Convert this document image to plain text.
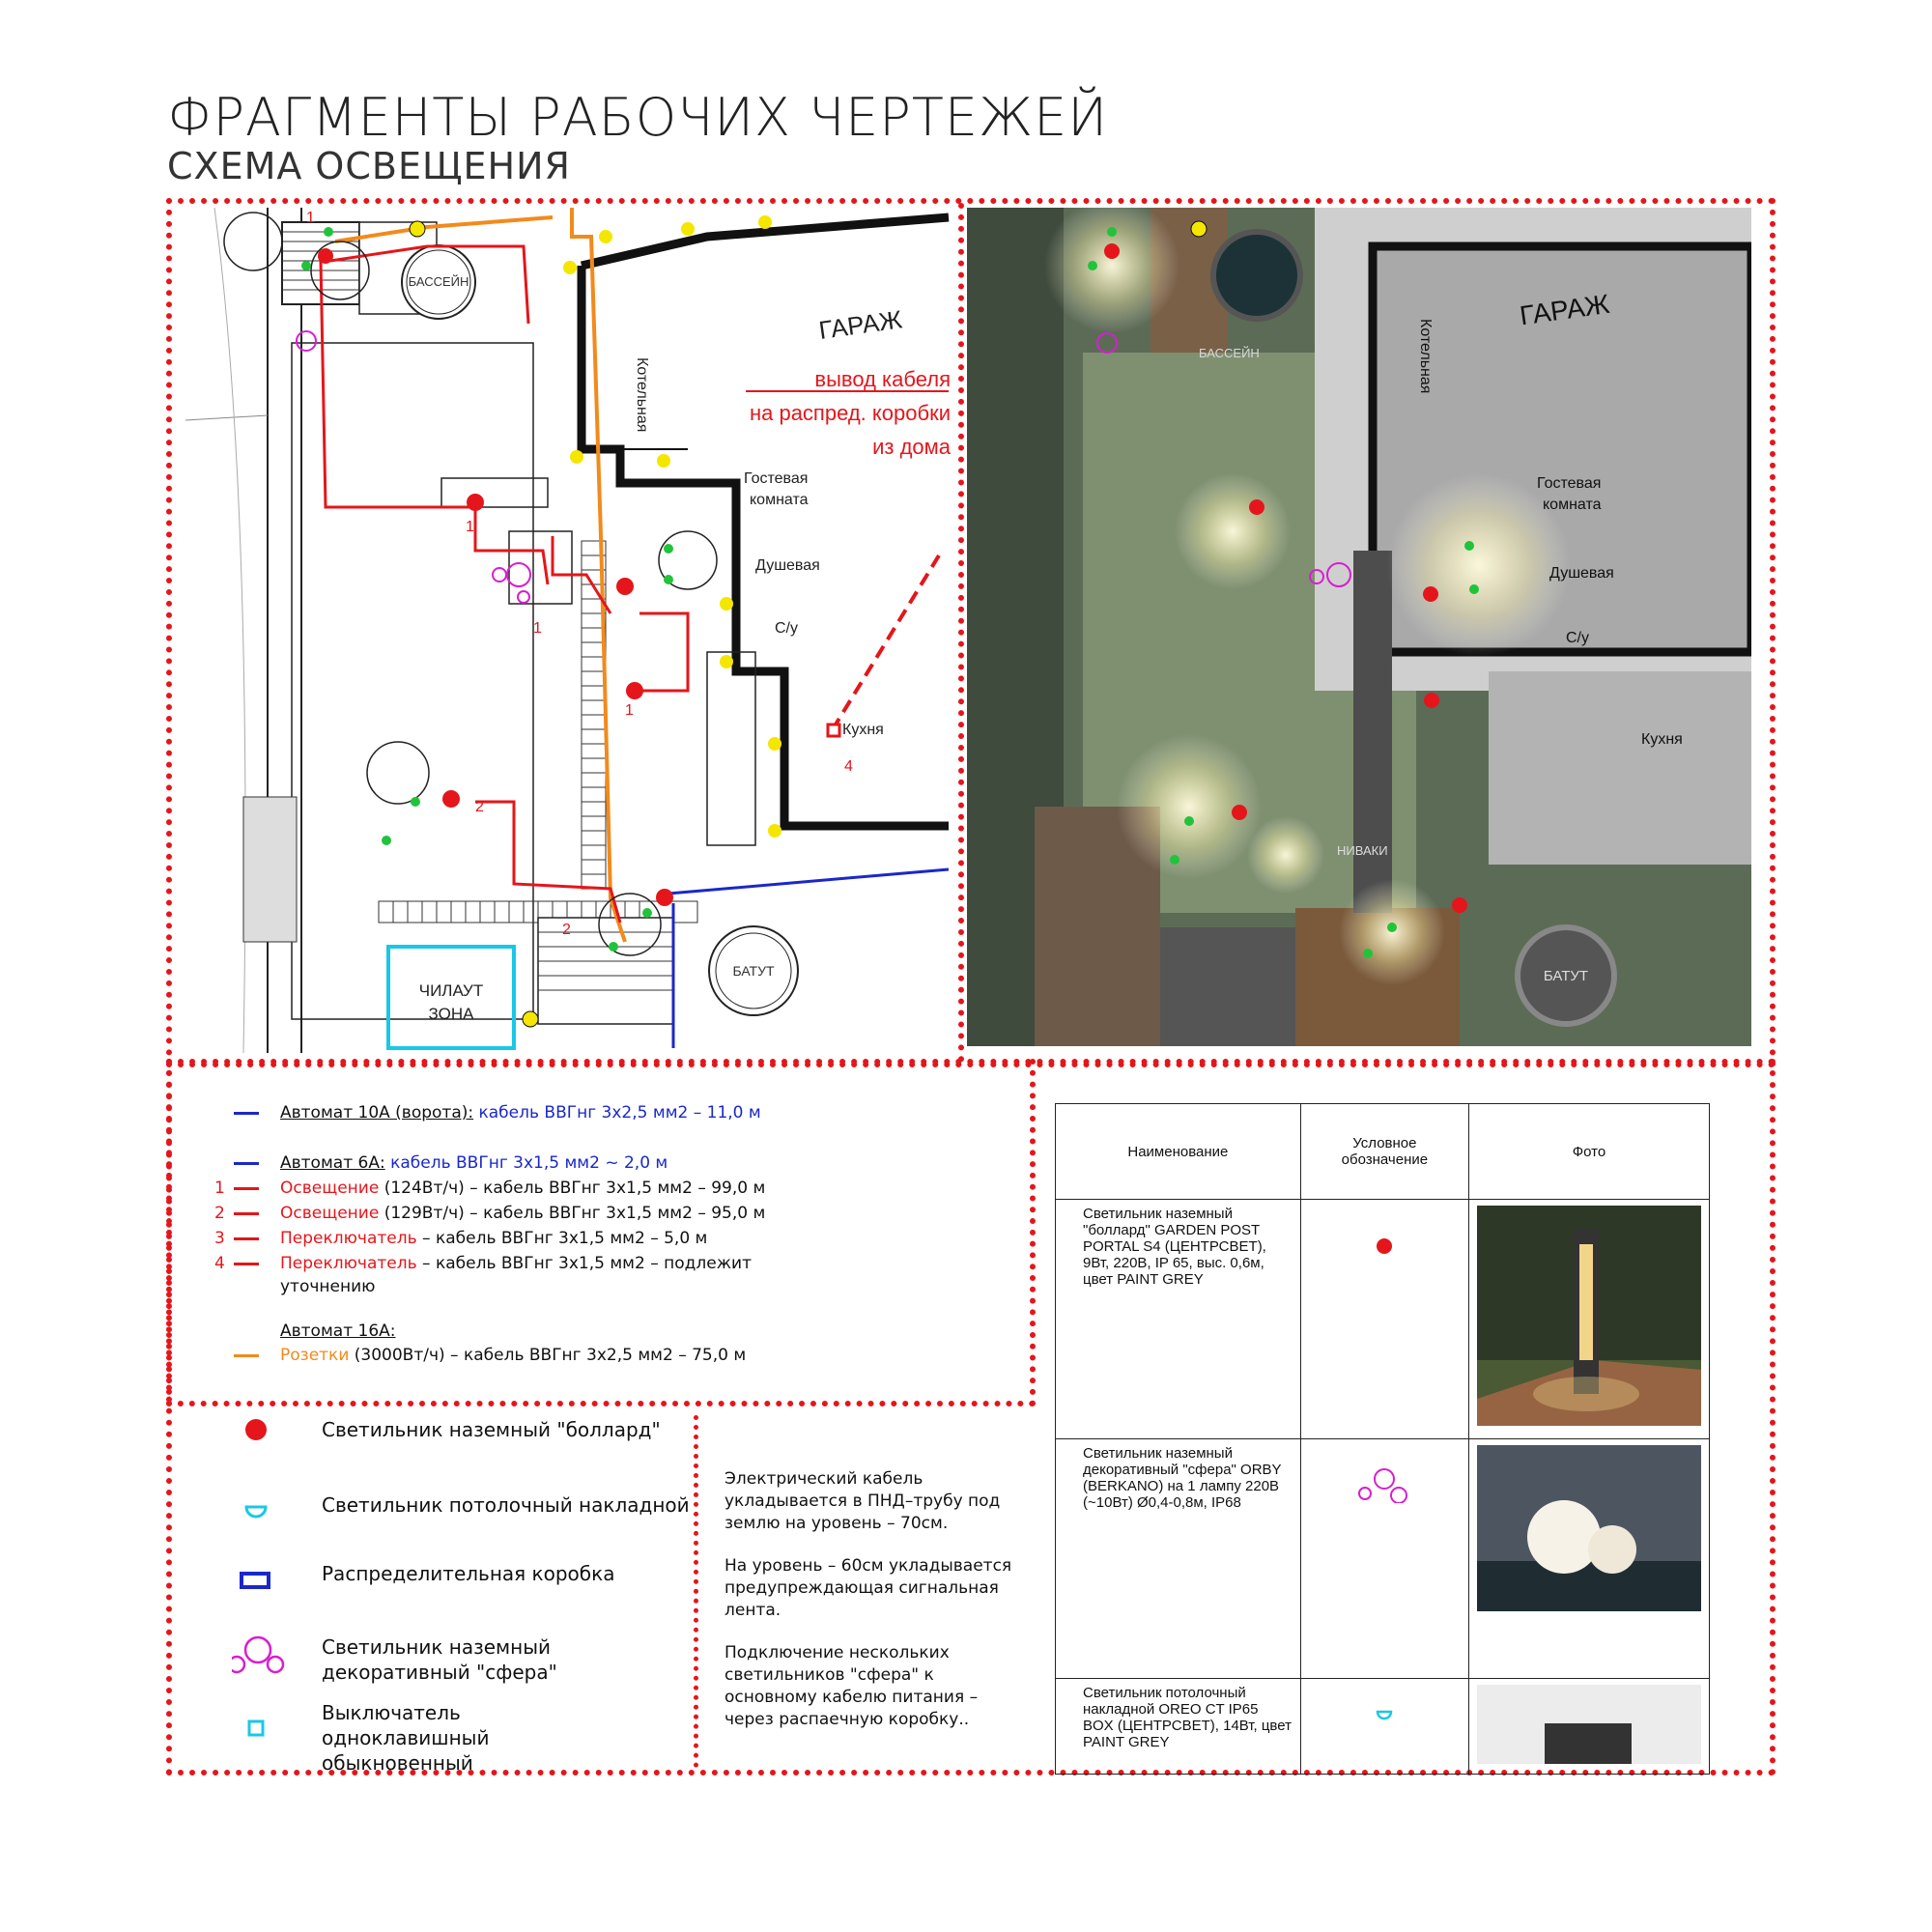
ФРАГМЕНТЫ РАБОЧИХ ЧЕРТЕЖЕЙ
СХЕМА ОСВЕЩЕНИЯ
БАССЕЙН
ЧИЛАУТ
ЗОНА
БАТУТ
Котельная
ГАРАЖ
вывод кабеля
на распред. коробки
из дома
Гостевая
комната
Душевая
С/у
Кухня
4
1
1
1
2
2
1
ГАРАЖ
Котельная
БАССЕЙН
Гостевая
комната
Душевая
С/у
Кухня
БАТУТ
НИВАКИ
Автомат 10А (ворота): кабель ВВГнг 3х2,5 мм2 – 11,0 м
Автомат 6А: кабель ВВГнг 3х1,5 мм2 ~ 2,0 м
1	Освещение (124Вт/ч) – кабель ВВГнг 3х1,5 мм2 – 99,0 м
2	Освещение (129Вт/ч) – кабель ВВГнг 3х1,5 мм2 – 95,0 м
3	Переключатель – кабель ВВГнг 3х1,5 мм2 – 5,0 м
4	Переключатель – кабель ВВГнг 3х1,5 мм2 – подлежит
уточнению
Автомат 16А:
Розетки (3000Вт/ч) – кабель ВВГнг 3х2,5 мм2 – 75,0 м
Светильник наземный "боллард"
Светильник потолочный накладной
Распределительная коробка
Светильник наземный декоративный "сфера"
Выключатель одноклавишный обыкновенный
Электрический кабель укладывается в ПНД–трубу под землю на уровень – 70см.
На уровень – 60см укладывается предупреждающая сигнальная лента.
Подключение нескольких светильников "сфера" к основному кабелю питания – через распаечную коробку..
Наименование	Условное обозначение	Фото
Светильник наземный "боллард" GARDEN POST PORTAL S4 (ЦЕНТРСВЕТ), 9Вт, 220В, IP 65, выс. 0,6м, цвет PAINT GREY		
Светильник наземный декоративный "сфера" ORBY (BERKANO) на 1 лампу 220В (~10Вт) Ø0,4-0,8м, IP68		
Светильник потолочный накладной OREO CT IP65 BOX (ЦЕНТРСВЕТ), 14Вт, цвет PAINT GREY		
